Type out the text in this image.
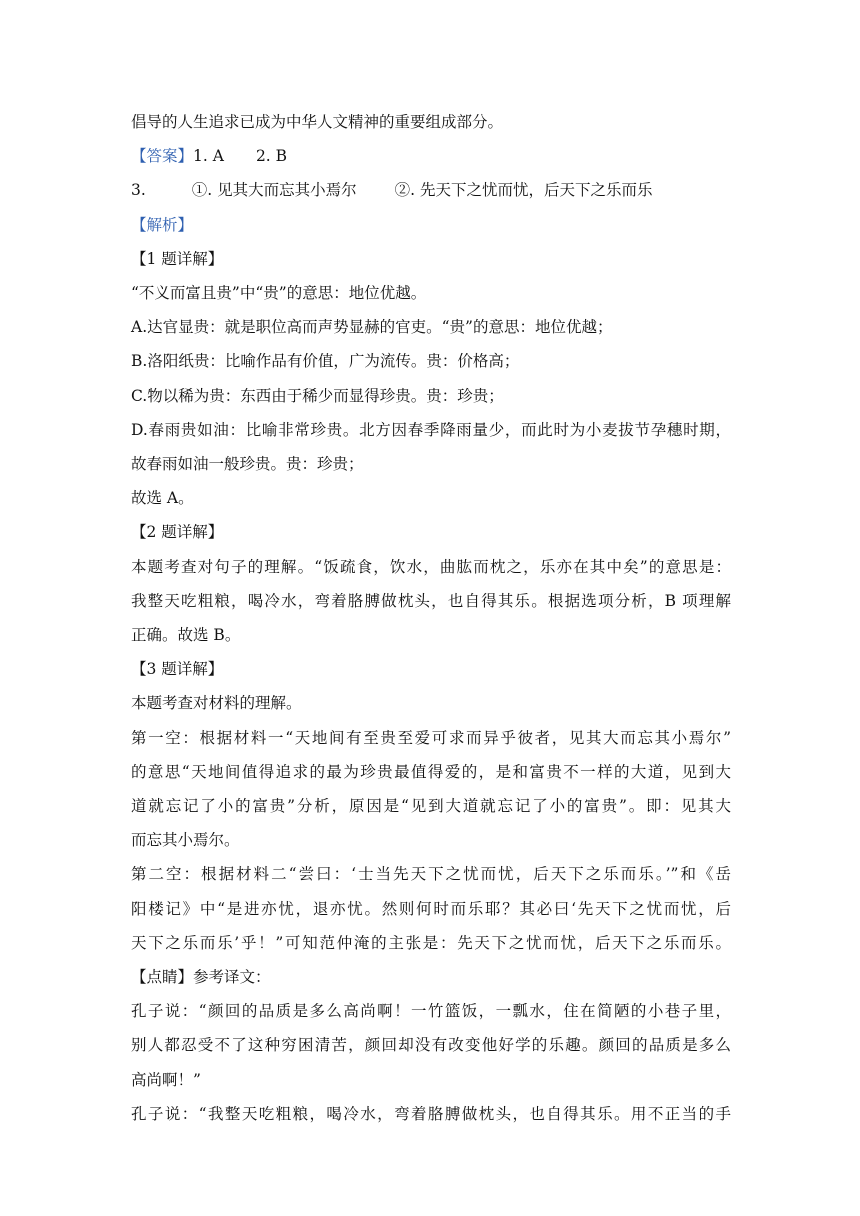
倡导的人生追求已成为中华人文精神的重要组成部分。
【答案】1. A 2. B
3.	①. 见其大而忘其小焉尔 ②. 先天下之忧而忧，后天下之乐而乐
【解析】
【1 题详解】
“不义而富且贵”中“贵”的意思：地位优越。
A.达官显贵：就是职位高而声势显赫的官吏。“贵”的意思：地位优越；
B.洛阳纸贵：比喻作品有价值，广为流传。贵：价格高；
C.物以稀为贵：东西由于稀少而显得珍贵。贵：珍贵；
D.春雨贵如油：比喻非常珍贵。北方因春季降雨量少，而此时为小麦拔节孕穗时期，
故春雨如油一般珍贵。贵：珍贵；
故选 A。
【2 题详解】
本题考查对句子的理解。“饭疏食，饮水，曲肱而枕之，乐亦在其中矣”的意思是：
我整天吃粗粮，喝冷水，弯着胳膊做枕头，也自得其乐。根据选项分析，B 项理解
正确。故选 B。
【3 题详解】
本题考查对材料的理解。
第一空：根据材料一“天地间有至贵至爱可求而异乎彼者，见其大而忘其小焉尔”
的意思“天地间值得追求的最为珍贵最值得爱的，是和富贵不一样的大道，见到大
道就忘记了小的富贵”分析，原因是“见到大道就忘记了小的富贵”。即：见其大
而忘其小焉尔。
第二空：根据材料二“尝曰：‘士当先天下之忧而忧，后天下之乐而乐。’”和《岳
阳楼记》中“是进亦忧，退亦忧。然则何时而乐耶？其必曰‘先天下之忧而忧，后
天下之乐而乐’乎！”可知范仲淹的主张是：先天下之忧而忧，后天下之乐而乐。
【点睛】参考译文：
孔子说：“颜回的品质是多么高尚啊！一竹篮饭，一瓢水，住在简陋的小巷子里，
别人都忍受不了这种穷困清苦，颜回却没有改变他好学的乐趣。颜回的品质是多么
高尚啊！”
孔子说：“我整天吃粗粮，喝冷水，弯着胳膊做枕头，也自得其乐。用不正当的手
